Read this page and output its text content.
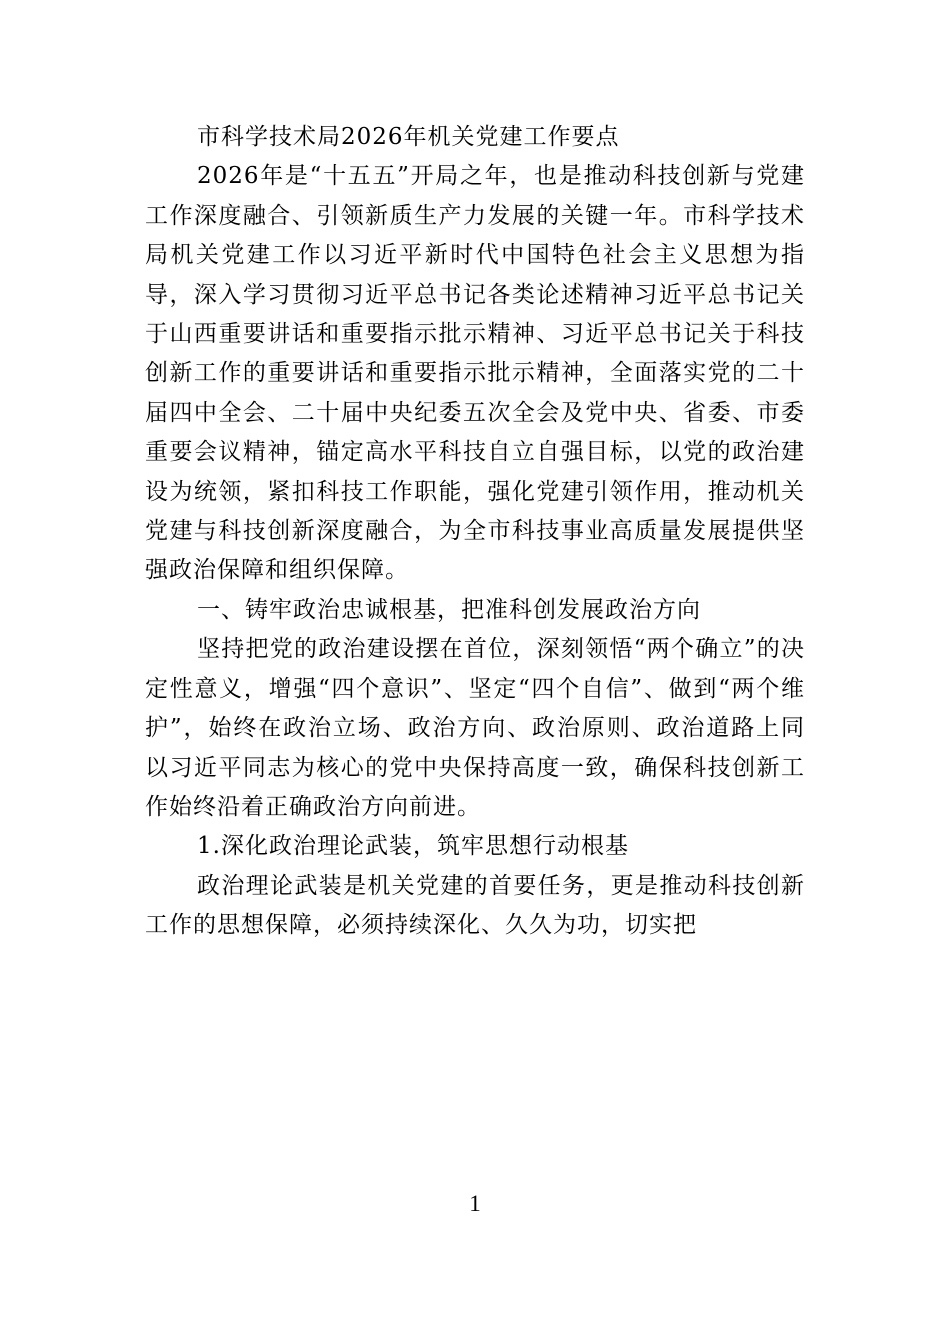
市科学技术局2026年机关党建工作要点

2026年是“十五五”开局之年，也是推动科技创新与党建工作深度融合、引领新质生产力发展的关键一年。市科学技术局机关党建工作以习近平新时代中国特色社会主义思想为指导，深入学习贯彻习近平总书记各类论述精神习近平总书记关于山西重要讲话和重要指示批示精神、习近平总书记关于科技创新工作的重要讲话和重要指示批示精神，全面落实党的二十届四中全会、二十届中央纪委五次全会及党中央、省委、市委重要会议精神，锚定高水平科技自立自强目标，以党的政治建设为统领，紧扣科技工作职能，强化党建引领作用，推动机关党建与科技创新深度融合，为全市科技事业高质量发展提供坚强政治保障和组织保障。

一、铸牢政治忠诚根基，把准科创发展政治方向

坚持把党的政治建设摆在首位，深刻领悟“两个确立”的决定性意义，增强“四个意识”、坚定“四个自信”、做到“两个维护”，始终在政治立场、政治方向、政治原则、政治道路上同以习近平同志为核心的党中央保持高度一致，确保科技创新工作始终沿着正确政治方向前进。

1.深化政治理论武装，筑牢思想行动根基

政治理论武装是机关党建的首要任务，更是推动科技创新工作的思想保障，必须持续深化、久久为功，切实把

1
